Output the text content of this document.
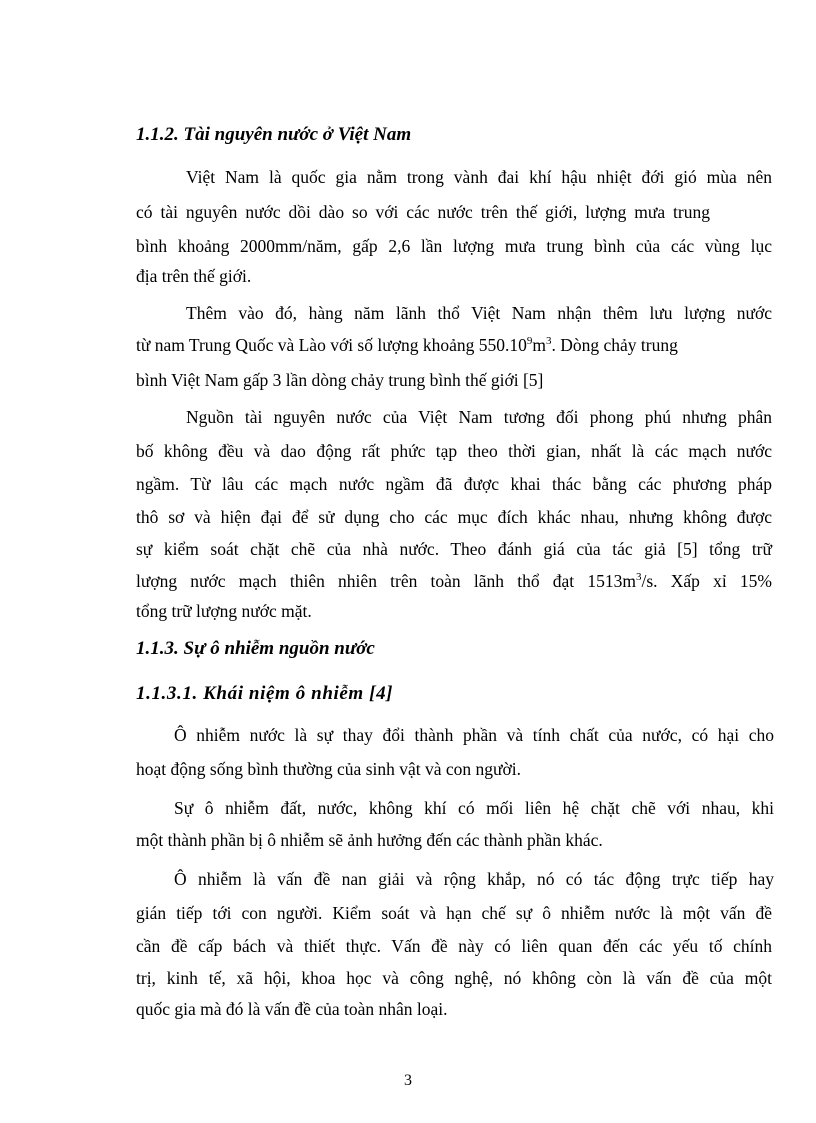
1.1.2. Tài nguyên nước ở Việt Nam
Việt Nam là quốc gia nằm trong vành đai khí hậu nhiệt đới gió mùa nên
có tài nguyên nước dồi dào so với các nước trên thế giới, lượng mưa trung
bình khoảng 2000mm/năm, gấp 2,6 lần lượng mưa trung bình của các vùng lục
địa trên thế giới.
Thêm vào đó, hàng năm lãnh thổ Việt Nam nhận thêm lưu lượng nước
từ nam Trung Quốc và Lào với số lượng khoảng $550.10^9m^3$. Dòng chảy trung
bình Việt Nam gấp 3 lần dòng chảy trung bình thế giới [5]
Nguồn tài nguyên nước của Việt Nam tương đối phong phú nhưng phân
bố không đều và dao động rất phức tạp theo thời gian, nhất là các mạch nước
ngầm. Từ lâu các mạch nước ngầm đã được khai thác bằng các phương pháp
thô sơ và hiện đại để sử dụng cho các mục đích khác nhau, nhưng không được
sự kiểm soát chặt chẽ của nhà nước. Theo đánh giá của tác giả [5] tổng trữ
lượng nước mạch thiên nhiên trên toàn lãnh thổ đạt $1513m^3/s$. Xấp xỉ 15%
tổng trữ lượng nước mặt.
1.1.3. Sự ô nhiễm nguồn nước
1.1.3.1. Khái niệm ô nhiễm [4]
Ô nhiễm nước là sự thay đổi thành phần và tính chất của nước, có hại cho
hoạt động sống bình thường của sinh vật và con người.
Sự ô nhiễm đất, nước, không khí có mối liên hệ chặt chẽ với nhau, khi
một thành phần bị ô nhiễm sẽ ảnh hưởng đến các thành phần khác.
Ô nhiễm là vấn đề nan giải và rộng khắp, nó có tác động trực tiếp hay
gián tiếp tới con người. Kiểm soát và hạn chế sự ô nhiễm nước là một vấn đề
cần đề cấp bách và thiết thực. Vấn đề này có liên quan đến các yếu tố chính
trị, kinh tế, xã hội, khoa học và công nghệ, nó không còn là vấn đề của một
quốc gia mà đó là vấn đề của toàn nhân loại.
3
